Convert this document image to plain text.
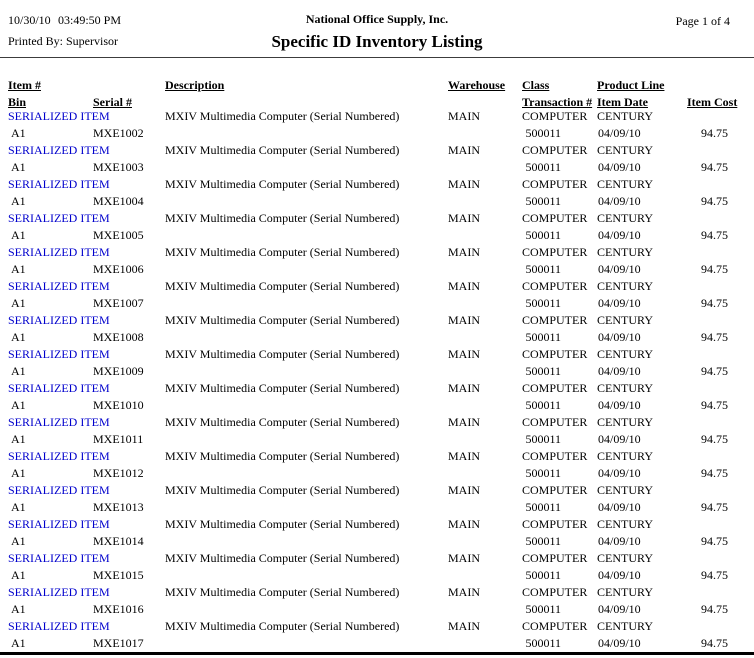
10/30/10 03:49:50 PM	National Office Supply, Inc.	Page 1 of 4
Printed By: Supervisor	Specific ID Inventory Listing
Item #	Description	Warehouse Class	Product Line
Bin	Serial #	Transaction # Item Date	Item Cost
SERIALIZED ITEM	MXIV Multimedia Computer (Serial Numbered)	MAIN	COMPUTER CENTURY
A1	MXE1002	500011	04/09/10	94.75
SERIALIZED ITEM	MXIV Multimedia Computer (Serial Numbered)	MAIN	COMPUTER CENTURY
A1	MXE1003	500011	04/09/10	94.75
SERIALIZED ITEM	MXIV Multimedia Computer (Serial Numbered)	MAIN	COMPUTER CENTURY
A1	MXE1004	500011	04/09/10	94.75
SERIALIZED ITEM	MXIV Multimedia Computer (Serial Numbered)	MAIN	COMPUTER CENTURY
A1	MXE1005	500011	04/09/10	94.75
SERIALIZED ITEM	MXIV Multimedia Computer (Serial Numbered)	MAIN	COMPUTER CENTURY
A1	MXE1006	500011	04/09/10	94.75
SERIALIZED ITEM	MXIV Multimedia Computer (Serial Numbered)	MAIN	COMPUTER CENTURY
A1	MXE1007	500011	04/09/10	94.75
SERIALIZED ITEM	MXIV Multimedia Computer (Serial Numbered)	MAIN	COMPUTER CENTURY
A1	MXE1008	500011	04/09/10	94.75
SERIALIZED ITEM	MXIV Multimedia Computer (Serial Numbered)	MAIN	COMPUTER CENTURY
A1	MXE1009	500011	04/09/10	94.75
SERIALIZED ITEM	MXIV Multimedia Computer (Serial Numbered)	MAIN	COMPUTER CENTURY
A1	MXE1010	500011	04/09/10	94.75
SERIALIZED ITEM	MXIV Multimedia Computer (Serial Numbered)	MAIN	COMPUTER CENTURY
A1	MXE1011	500011	04/09/10	94.75
SERIALIZED ITEM	MXIV Multimedia Computer (Serial Numbered)	MAIN	COMPUTER CENTURY
A1	MXE1012	500011	04/09/10	94.75
SERIALIZED ITEM	MXIV Multimedia Computer (Serial Numbered)	MAIN	COMPUTER CENTURY
A1	MXE1013	500011	04/09/10	94.75
SERIALIZED ITEM	MXIV Multimedia Computer (Serial Numbered)	MAIN	COMPUTER CENTURY
A1	MXE1014	500011	04/09/10	94.75
SERIALIZED ITEM	MXIV Multimedia Computer (Serial Numbered)	MAIN	COMPUTER CENTURY
A1	MXE1015	500011	04/09/10	94.75
SERIALIZED ITEM	MXIV Multimedia Computer (Serial Numbered)	MAIN	COMPUTER CENTURY
A1	MXE1016	500011	04/09/10	94.75
SERIALIZED ITEM	MXIV Multimedia Computer (Serial Numbered)	MAIN	COMPUTER CENTURY
A1	MXE1017	500011	04/09/10	94.75
